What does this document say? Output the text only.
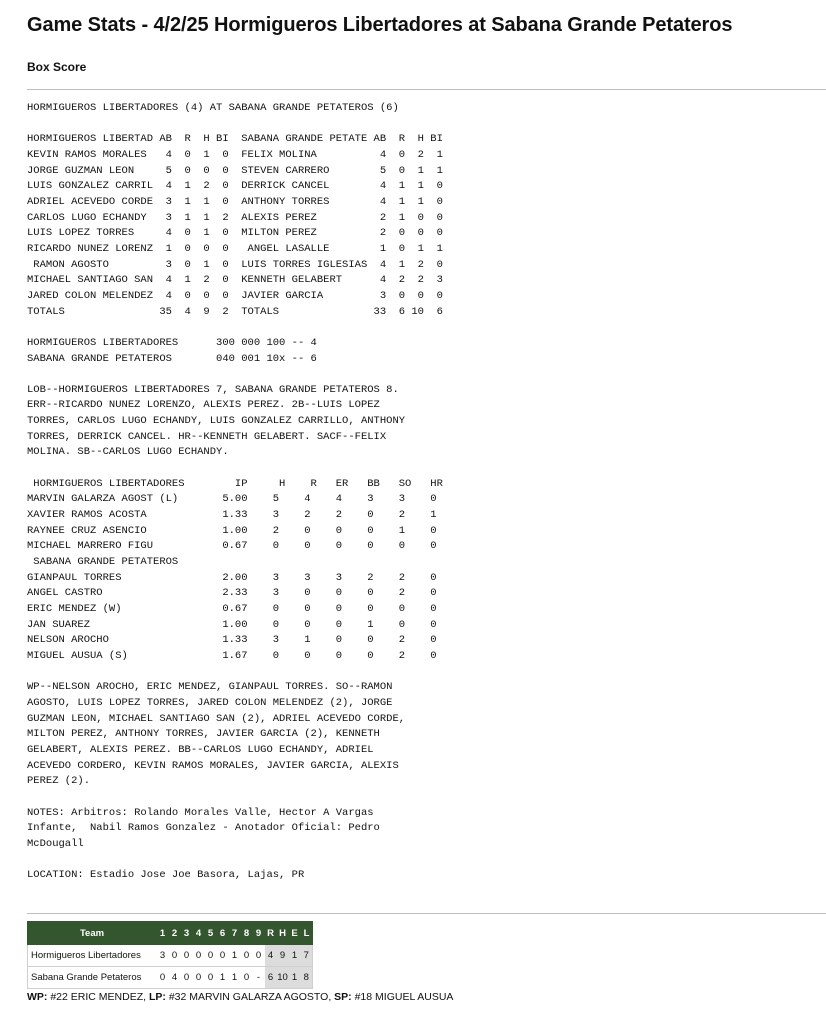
Game Stats - 4/2/25 Hormigueros Libertadores at Sabana Grande Petateros

Box Score

HORMIGUEROS LIBERTADORES (4) AT SABANA GRANDE PETATEROS (6)

HORMIGUEROS LIBERTAD AB  R  H BI  SABANA GRANDE PETATE AB  R  H BI
KEVIN RAMOS MORALES   4  0  1  0  FELIX MOLINA          4  0  2  1
JORGE GUZMAN LEON     5  0  0  0  STEVEN CARRERO        5  0  1  1
LUIS GONZALEZ CARRIL  4  1  2  0  DERRICK CANCEL        4  1  1  0
ADRIEL ACEVEDO CORDE  3  1  1  0  ANTHONY TORRES        4  1  1  0
CARLOS LUGO ECHANDY   3  1  1  2  ALEXIS PEREZ          2  1  0  0
LUIS LOPEZ TORRES     4  0  1  0  MILTON PEREZ          2  0  0  0
RICARDO NUNEZ LORENZ  1  0  0  0   ANGEL LASALLE        1  0  1  1
RAMON AGOSTO         3  0  1  0  LUIS TORRES IGLESIAS  4  1  2  0
MICHAEL SANTIAGO SAN  4  1  2  0  KENNETH GELABERT      4  2  2  3
JARED COLON MELENDEZ  4  0  0  0  JAVIER GARCIA         3  0  0  0
TOTALS               35  4  9  2  TOTALS               33  6 10  6

HORMIGUEROS LIBERTADORES      300 000 100 -- 4
SABANA GRANDE PETATEROS       040 001 10x -- 6

LOB--HORMIGUEROS LIBERTADORES 7, SABANA GRANDE PETATEROS 8.
ERR--RICARDO NUNEZ LORENZO, ALEXIS PEREZ. 2B--LUIS LOPEZ
TORRES, CARLOS LUGO ECHANDY, LUIS GONZALEZ CARRILLO, ANTHONY
TORRES, DERRICK CANCEL. HR--KENNETH GELABERT. SACF--FELIX
MOLINA. SB--CARLOS LUGO ECHANDY.

HORMIGUEROS LIBERTADORES        IP     H    R   ER   BB   SO   HR
MARVIN GALARZA AGOST (L)       5.00    5    4    4    3    3    0
XAVIER RAMOS ACOSTA            1.33    3    2    2    0    2    1
RAYNEE CRUZ ASENCIO            1.00    2    0    0    0    1    0
MICHAEL MARRERO FIGU           0.67    0    0    0    0    0    0
SABANA GRANDE PETATEROS
GIANPAUL TORRES                2.00    3    3    3    2    2    0
ANGEL CASTRO                   2.33    3    0    0    0    2    0
ERIC MENDEZ (W)                0.67    0    0    0    0    0    0
JAN SUAREZ                     1.00    0    0    0    1    0    0
NELSON AROCHO                  1.33    3    1    0    0    2    0
MIGUEL AUSUA (S)               1.67    0    0    0    0    2    0

WP--NELSON AROCHO, ERIC MENDEZ, GIANPAUL TORRES. SO--RAMON
AGOSTO, LUIS LOPEZ TORRES, JARED COLON MELENDEZ (2), JORGE
GUZMAN LEON, MICHAEL SANTIAGO SAN (2), ADRIEL ACEVEDO CORDE,
MILTON PEREZ, ANTHONY TORRES, JAVIER GARCIA (2), KENNETH
GELABERT, ALEXIS PEREZ. BB--CARLOS LUGO ECHANDY, ADRIEL
ACEVEDO CORDERO, KEVIN RAMOS MORALES, JAVIER GARCIA, ALEXIS
PEREZ (2).

NOTES: Arbitros: Rolando Morales Valle, Hector A Vargas
Infante,  Nabil Ramos Gonzalez - Anotador Oficial: Pedro
McDougall

LOCATION: Estadio Jose Joe Basora, Lajas, PR
Team	1	2	3	4	5	6	7	8	9	R	H	E	L
Hormigueros Libertadores	3	0	0	0	0	0	1	0	0	4	9	1	7
Sabana Grande Petateros	0	4	0	0	0	1	1	0	-	6	10	1	8

WP: #22 ERIC MENDEZ, LP: #32 MARVIN GALARZA AGOSTO, SP: #18 MIGUEL AUSUA
